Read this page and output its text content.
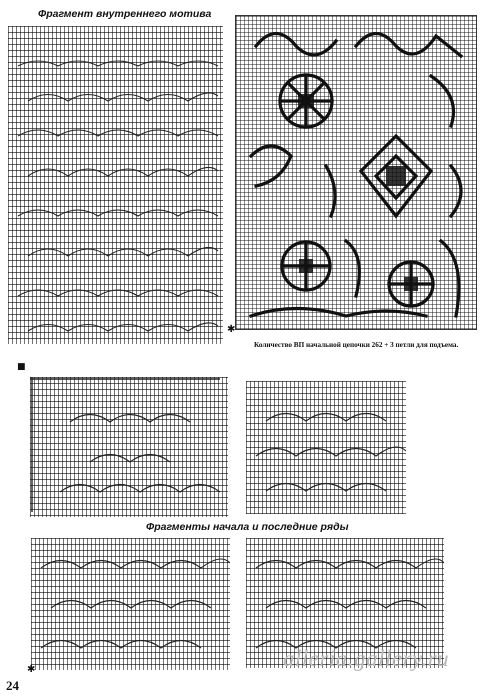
Фрагмент внутреннего мотива
✱
Количество ВП начальной цепочки 262 + 3 петли для подъема.
■
Фрагменты начала и последние ряды
✱
24
alleria.gallery.ru
